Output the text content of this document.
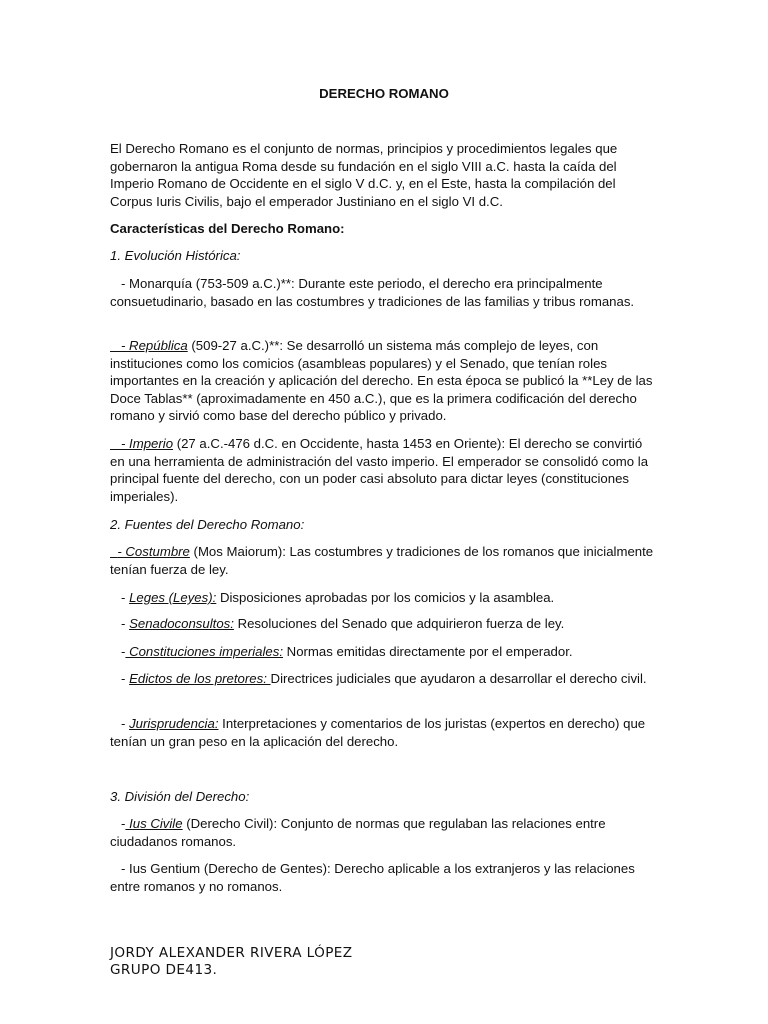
DERECHO ROMANO

El Derecho Romano es el conjunto de normas, principios y procedimientos legales que gobernaron la antigua Roma desde su fundación en el siglo VIII a.C. hasta la caída del Imperio Romano de Occidente en el siglo V d.C. y, en el Este, hasta la compilación del Corpus Iuris Civilis, bajo el emperador Justiniano en el siglo VI d.C.

Características del Derecho Romano:

1. Evolución Histórica:

- Monarquía (753-509 a.C.)**: Durante este periodo, el derecho era principalmente consuetudinario, basado en las costumbres y tradiciones de las familias y tribus romanas.

- República (509-27 a.C.)**: Se desarrolló un sistema más complejo de leyes, con instituciones como los comicios (asambleas populares) y el Senado, que tenían roles importantes en la creación y aplicación del derecho. En esta época se publicó la **Ley de las Doce Tablas** (aproximadamente en 450 a.C.), que es la primera codificación del derecho romano y sirvió como base del derecho público y privado.

- Imperio (27 a.C.-476 d.C. en Occidente, hasta 1453 en Oriente): El derecho se convirtió en una herramienta de administración del vasto imperio. El emperador se consolidó como la principal fuente del derecho, con un poder casi absoluto para dictar leyes (constituciones imperiales).

2. Fuentes del Derecho Romano:

- Costumbre (Mos Maiorum): Las costumbres y tradiciones de los romanos que inicialmente tenían fuerza de ley.

- Leges (Leyes): Disposiciones aprobadas por los comicios y la asamblea.

- Senadoconsultos: Resoluciones del Senado que adquirieron fuerza de ley.

- Constituciones imperiales: Normas emitidas directamente por el emperador.

- Edictos de los pretores: Directrices judiciales que ayudaron a desarrollar el derecho civil.

- Jurisprudencia: Interpretaciones y comentarios de los juristas (expertos en derecho) que tenían un gran peso en la aplicación del derecho.

3. División del Derecho:

- Ius Civile (Derecho Civil): Conjunto de normas que regulaban las relaciones entre ciudadanos romanos.

- Ius Gentium (Derecho de Gentes): Derecho aplicable a los extranjeros y las relaciones entre romanos y no romanos.

JORDY ALEXANDER RIVERA LÓPEZ

GRUPO DE413.
